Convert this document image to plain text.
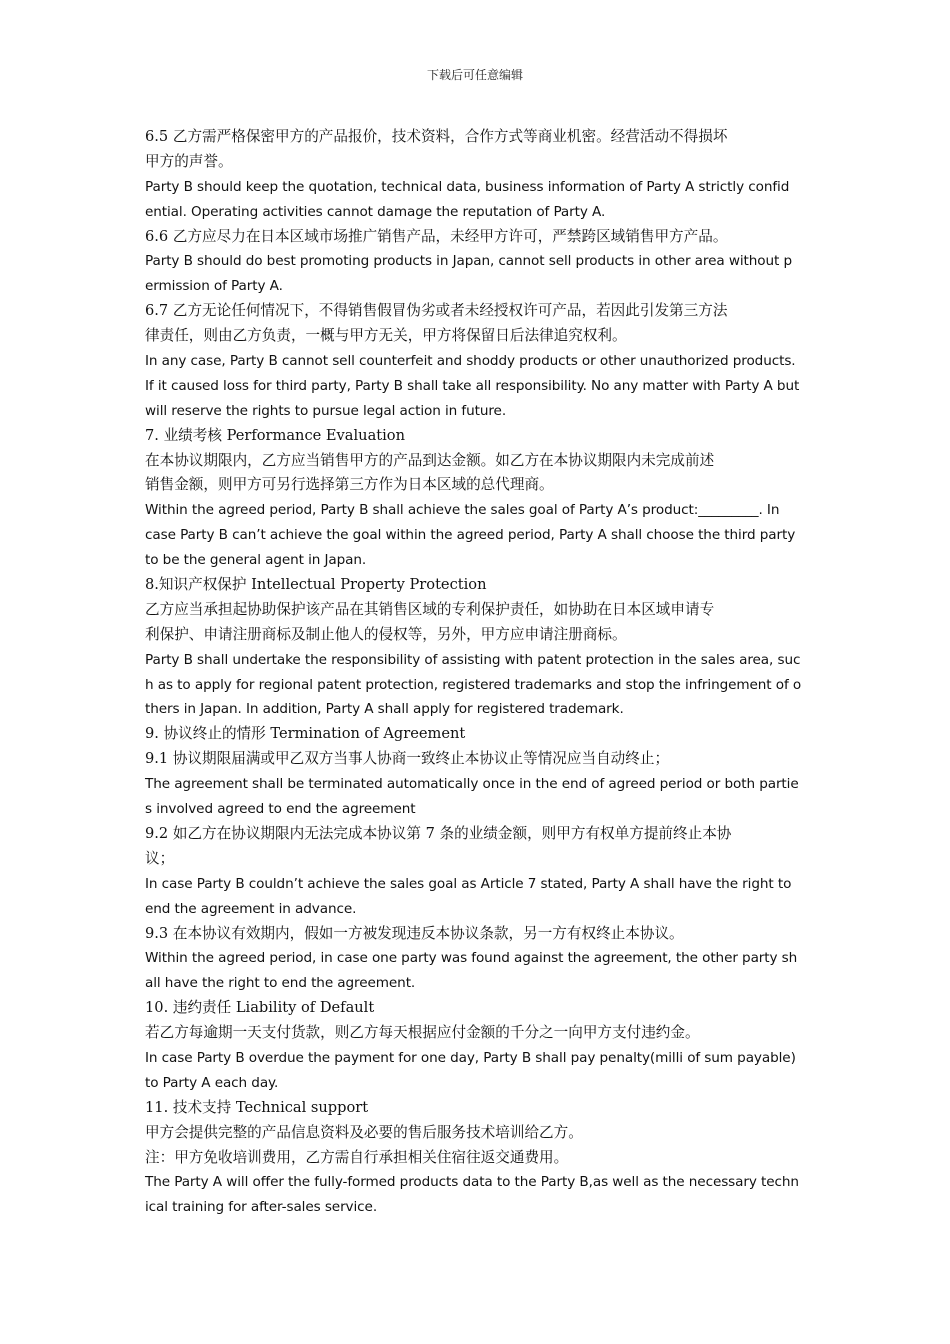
下载后可任意编辑

6.5 乙方需严格保密甲方的产品报价，技术资料，合作方式等商业机密。经营活动不得损坏

甲方的声誉。

Party B should keep the quotation, technical data, business information of Party A strictly confid

ential. Operating activities cannot damage the reputation of Party A.

6.6 乙方应尽力在日本区域市场推广销售产品，未经甲方许可，严禁跨区域销售甲方产品。

Party B should do best promoting products in Japan, cannot sell products in other area without p

ermission of Party A.

6.7 乙方无论任何情况下，不得销售假冒伪劣或者未经授权许可产品，若因此引发第三方法

律责任，则由乙方负责，一概与甲方无关，甲方将保留日后法律追究权利。

In any case, Party B cannot sell counterfeit and shoddy products or other unauthorized products.

If it caused loss for third party, Party B shall take all responsibility. No any matter with Party A but

will reserve the rights to pursue legal action in future.

7. 业绩考核 Performance Evaluation

在本协议期限内，乙方应当销售甲方的产品到达金额。如乙方在本协议期限内未完成前述

销售金额，则甲方可另行选择第三方作为日本区域的总代理商。

Within the agreed period, Party B shall achieve the sales goal of Party A’s product:_________. In

case Party B can’t achieve the goal within the agreed period, Party A shall choose the third party

to be the general agent in Japan.

8.知识产权保护 Intellectual Property Protection

乙方应当承担起协助保护该产品在其销售区域的专利保护责任，如协助在日本区域申请专

利保护、申请注册商标及制止他人的侵权等，另外，甲方应申请注册商标。

Party B shall undertake the responsibility of assisting with patent protection in the sales area, suc

h as to apply for regional patent protection, registered trademarks and stop the infringement of o

thers in Japan. In addition, Party A shall apply for registered trademark.

9. 协议终止的情形 Termination of Agreement

9.1 协议期限届满或甲乙双方当事人协商一致终止本协议止等情况应当自动终止；

The agreement shall be terminated automatically once in the end of agreed period or both partie

s involved agreed to end the agreement

9.2 如乙方在协议期限内无法完成本协议第 7 条的业绩金额，则甲方有权单方提前终止本协

议；

In case Party B couldn’t achieve the sales goal as Article 7 stated, Party A shall have the right to

end the agreement in advance.

9.3 在本协议有效期内，假如一方被发现违反本协议条款，另一方有权终止本协议。

Within the agreed period, in case one party was found against the agreement, the other party sh

all have the right to end the agreement.

10. 违约责任 Liability of Default

若乙方每逾期一天支付货款，则乙方每天根据应付金额的千分之一向甲方支付违约金。

In case Party B overdue the payment for one day, Party B shall pay penalty(milli of sum payable)

to Party A each day.

11. 技术支持 Technical support

甲方会提供完整的产品信息资料及必要的售后服务技术培训给乙方。

注：甲方免收培训费用，乙方需自行承担相关住宿往返交通费用。

The Party A will offer the fully-formed products data to the Party B,as well as the necessary techn

ical training for after-sales service.
